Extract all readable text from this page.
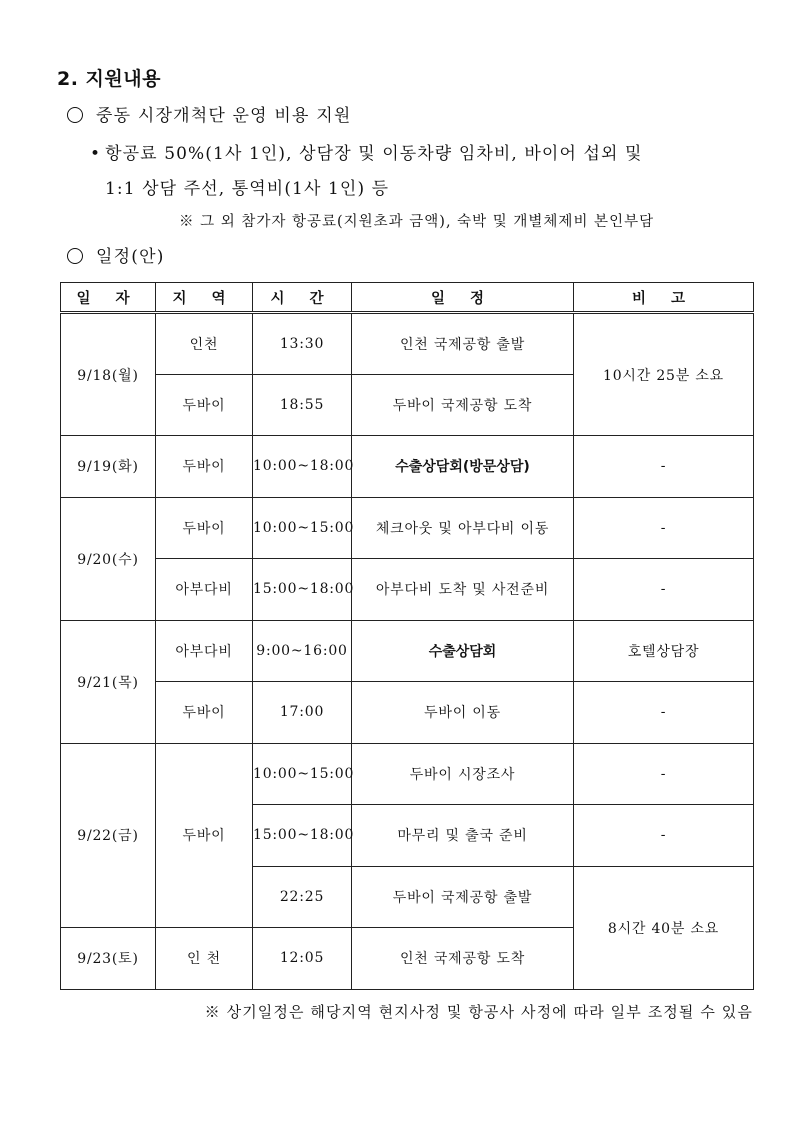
2. 지원내용
중동 시장개척단 운영 비용 지원
• 항공료 50%(1사 1인), 상담장 및 이동차량 임차비, 바이어 섭외 및
1:1 상담 주선, 통역비(1사 1인) 등
※ 그 외 참가자 항공료(지원초과 금액), 숙박 및 개별체제비 본인부담
일정(안)
일 자	지 역	시 간	일 정	비 고
9/18(월)	인천	13:30	인천 국제공항 출발	10시간 25분 소요
	두바이	18:55	두바이 국제공항 도착	
9/19(화)	두바이	10:00~18:00	수출상담회(방문상담)	-
9/20(수)	두바이	10:00~15:00	체크아웃 및 아부다비 이동	-
	아부다비	15:00~18:00	아부다비 도착 및 사전준비	-
9/21(목)	아부다비	9:00~16:00	수출상담회	호텔상담장
	두바이	17:00	두바이 이동	-
9/22(금)	두바이	10:00~15:00	두바이 시장조사	-
		15:00~18:00	마무리 및 출국 준비	-
		22:25	두바이 국제공항 출발	8시간 40분 소요
9/23(토)	인 천	12:05	인천 국제공항 도착	
※ 상기일정은 해당지역 현지사정 및 항공사 사정에 따라 일부 조정될 수 있음
